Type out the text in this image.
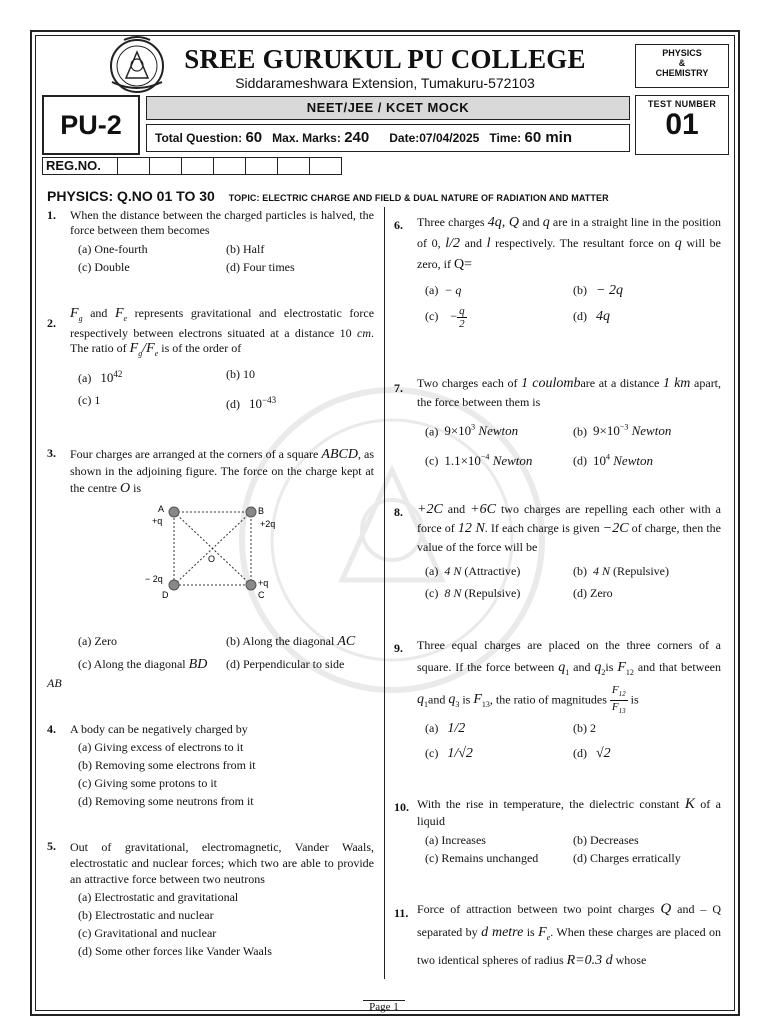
SREE GURUKUL PU COLLEGE
Siddarameshwara Extension, Tumakuru-572103
PHYSICS
&
CHEMISTRY
PU-2
NEET/JEE / KCET MOCK
Total Question: 60 Max. Marks: 240 Date:07/04/2025 Time: 60 min
TEST NUMBER
01
REG.NO.
PHYSICS: Q.NO 01 TO 30 TOPIC: ELECTRIC CHARGE AND FIELD & DUAL NATURE OF RADIATION AND MATTER
1. When the distance between the charged particles is halved, the force between them becomes
(a) One-fourth	(b) Half
(c) Double	(d) Four times
2.
$F_g$ and $F_e$ represents gravitational and electrostatic force respectively between electrons situated at a distance 10 cm. The ratio of $F_g/F_e$ is of the order of
(a) $10^{42}$	(b) 10
(c) 1	(d) $10^{-43}$
3. Four charges are arranged at the corners of a square ABCD, as shown in the adjoining figure. The force on the charge kept at the centre O is
A
+q
B
+2q
+q
C
− 2q
D
O
(a) Zero	(b) Along the diagonal AC
(c) Along the diagonal BD	(d) Perpendicular to side
AB
4. A body can be negatively charged by
(a) Giving excess of electrons to it
(b) Removing some electrons from it
(c) Giving some protons to it
(d) Removing some neutrons from it
5. Out of gravitational, electromagnetic, Vander Waals, electrostatic and nuclear forces; which two are able to provide an attractive force between two neutrons
(a) Electrostatic and gravitational
(b) Electrostatic and nuclear
(c) Gravitational and nuclear
(d) Some other forces like Vander Waals
6. Three charges 4q, Q and q are in a straight line in the position of 0, l/2 and l respectively. The resultant force on q will be zero, if Q=
(a) − q	(b) − 2q
(c)    − $\frac{q}{2}$	(d) 4q
7. Two charges each of 1 coulombare at a distance 1 km apart, the force between them is
(a) $9\times 10^3$ Newton	(b) $9\times 10^{-3}$ Newton
(c) $1.1\times 10^{-4}$ Newton	(d) $10^4$ Newton
8. +2C and +6C two charges are repelling each other with a force of 12 N. If each charge is given −2C of charge, then the value of the force will be
(a) 4 N (Attractive)	(b) 4 N (Repulsive)
(c) 8 N (Repulsive)	(d) Zero
9. Three equal charges are placed on the three corners of a square. If the force between $q_1$ and $q_2is$ $F_{12}$ and that between $q_1and$ $q_3$ is $F_{13}$, the ratio of magnitudes $\frac{F_{12}}{F_{13}}$ is
(a) 1/2	(b) 2
(c) 1/√2	(d) √2
10. With the rise in temperature, the dielectric constant K of a liquid
(a) Increases	(b) Decreases
(c) Remains unchanged	(d) Charges erratically
11. Force of attraction between two point charges Q and – Q separated by d metre is $F_e$. When these charges are placed on two identical spheres of radius R=0.3 d whose
Page 1
